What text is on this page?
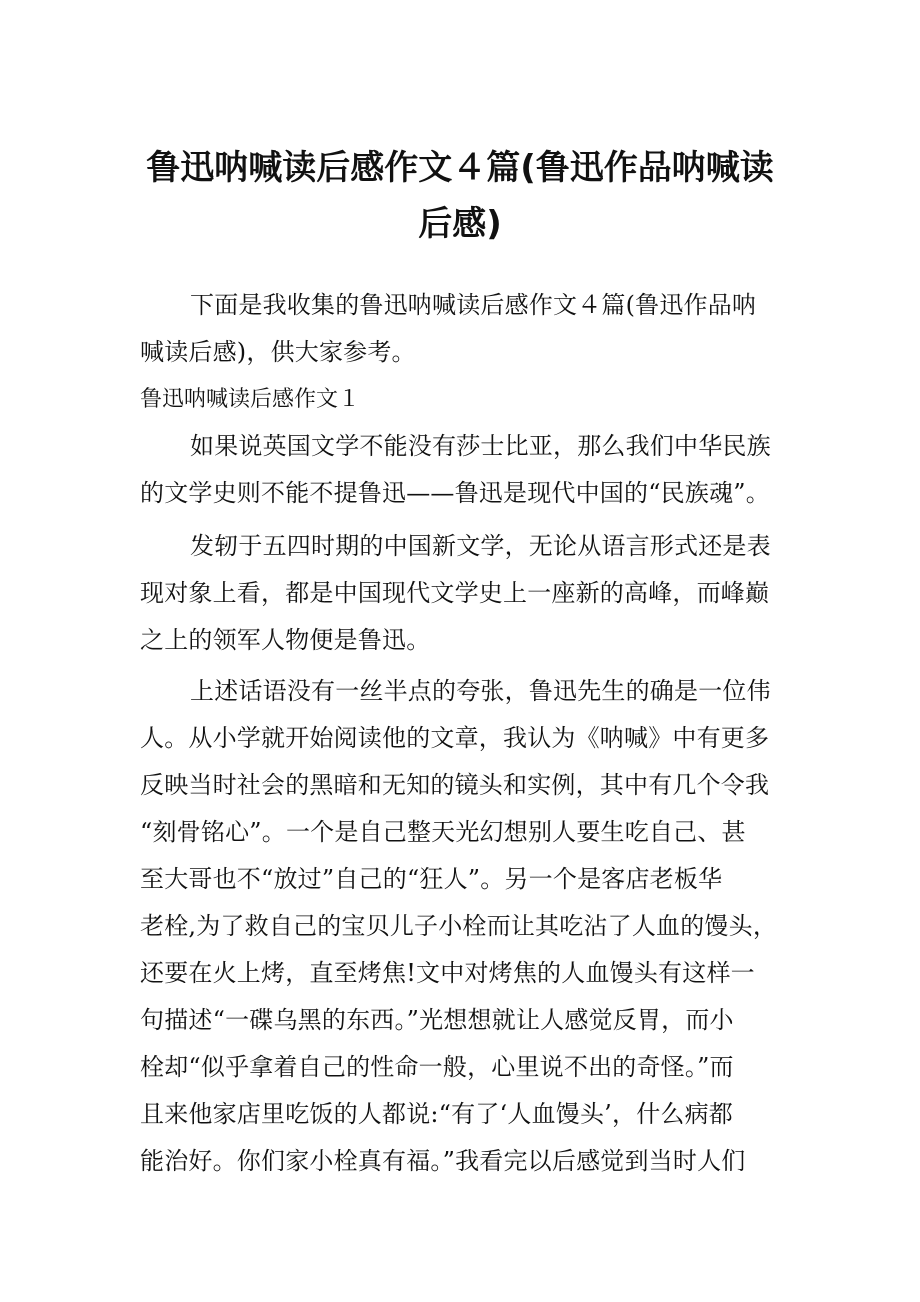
鲁迅呐喊读后感作文４篇(鲁迅作品呐喊读
后感)

下面是我收集的鲁迅呐喊读后感作文４篇(鲁迅作品呐
喊读后感)，供大家参考。

鲁迅呐喊读后感作文１

如果说英国文学不能没有莎士比亚，那么我们中华民族
的文学史则不能不提鲁迅——鲁迅是现代中国的“民族魂”。

发轫于五四时期的中国新文学，无论从语言形式还是表
现对象上看，都是中国现代文学史上一座新的高峰，而峰巅
之上的领军人物便是鲁迅。

上述话语没有一丝半点的夸张，鲁迅先生的确是一位伟
人。从小学就开始阅读他的文章，我认为《呐喊》中有更多
反映当时社会的黑暗和无知的镜头和实例，其中有几个令我
“刻骨铭心”。一个是自己整天光幻想别人要生吃自己、甚
至大哥也不“放过”自己的“狂人”。另一个是客店老板华
老栓,为了救自己的宝贝儿子小栓而让其吃沾了人血的馒头，
还要在火上烤，直至烤焦!文中对烤焦的人血馒头有这样一
句描述“一碟乌黑的东西。”光想想就让人感觉反胃，而小
栓却“似乎拿着自己的性命一般，心里说不出的奇怪。”而
且来他家店里吃饭的人都说:“有了‘人血馒头’，什么病都
能治好。你们家小栓真有福。”我看完以后感觉到当时人们
